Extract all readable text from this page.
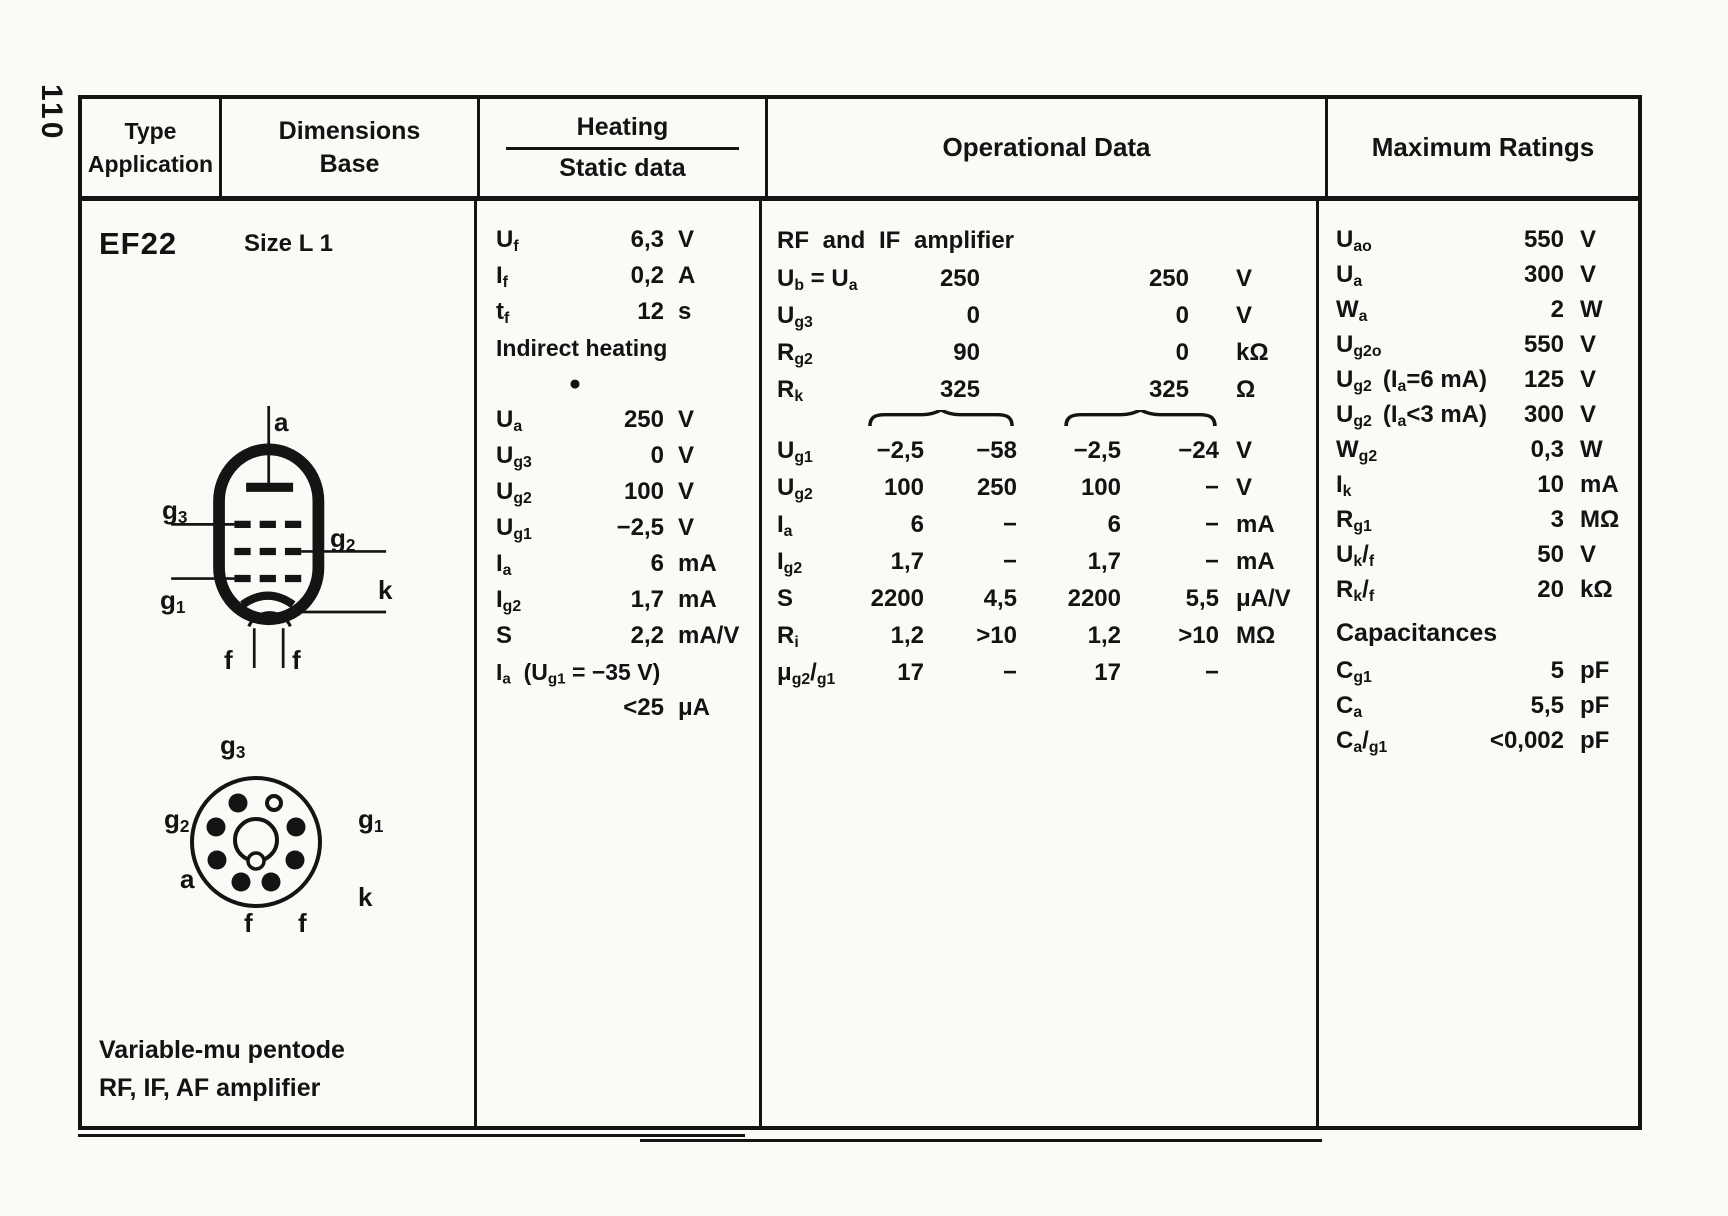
110 Type
Application
Dimensions
Base
Heating
Static data
Operational Data	Maximum Ratings
EF22	Size L 1
a
$g_3$
$g_2$
$g_1$
k
f f
$g_3$
$g_2$	$g_1$
a
k
f f
Variable-mu pentode
RF, IF, AF amplifier
$U_f$	6,3 V
$I_f$	0,2 A
$t_f$	12 s
Indirect heating
●
$U_a$	250 V
$U_{g3}$	0 V
$U_{g2}$	100 V
$U_{g1}$	−2,5 V
$I_a$	6 mA
$I_{g2}$	1,7 mA
S	2,2 mA/V
$I_a$  ($U_{g1} = -35$ V)
<25 μA
RF and IF amplifier
$U_b = U_a$	250	250	V
$U_{g3}$	0	0	V
$R_{g2}$	90	0	kΩ
$R_k$	325	325	Ω
$U_{g1}$	−2,5	−58	−2,5	−24 V
$U_{g2}$	100	250	100	− V
$I_a$	6	−	6	− mA
$I_{g2}$	1,7	−	1,7	− mA
S	2200	4,5	2200	5,5 μA/V
$R_i$	1,2	>10	1,2	>10 MΩ
$\mu_{g2}/_{g1}$	17	−	17	−
$U_{ao}$	550 V
$U_a$	300 V
$W_a$	2 W
$U_{g2o}$	550 V
$U_{g2}$ ($I_a=6$ mA) 125 V
$U_{g2}$ ($I_a<3$ mA) 300 V
$W_{g2}$	0,3 W
$I_k$	10 mA
$R_{g1}$	3 MΩ
$U_k/_f$	50 V
$R_k/_f$	20 kΩ
Capacitances
$C_{g1}$	5 pF
$C_a$	5,5 pF
$C_a/_{g1}$	<0,002 pF
